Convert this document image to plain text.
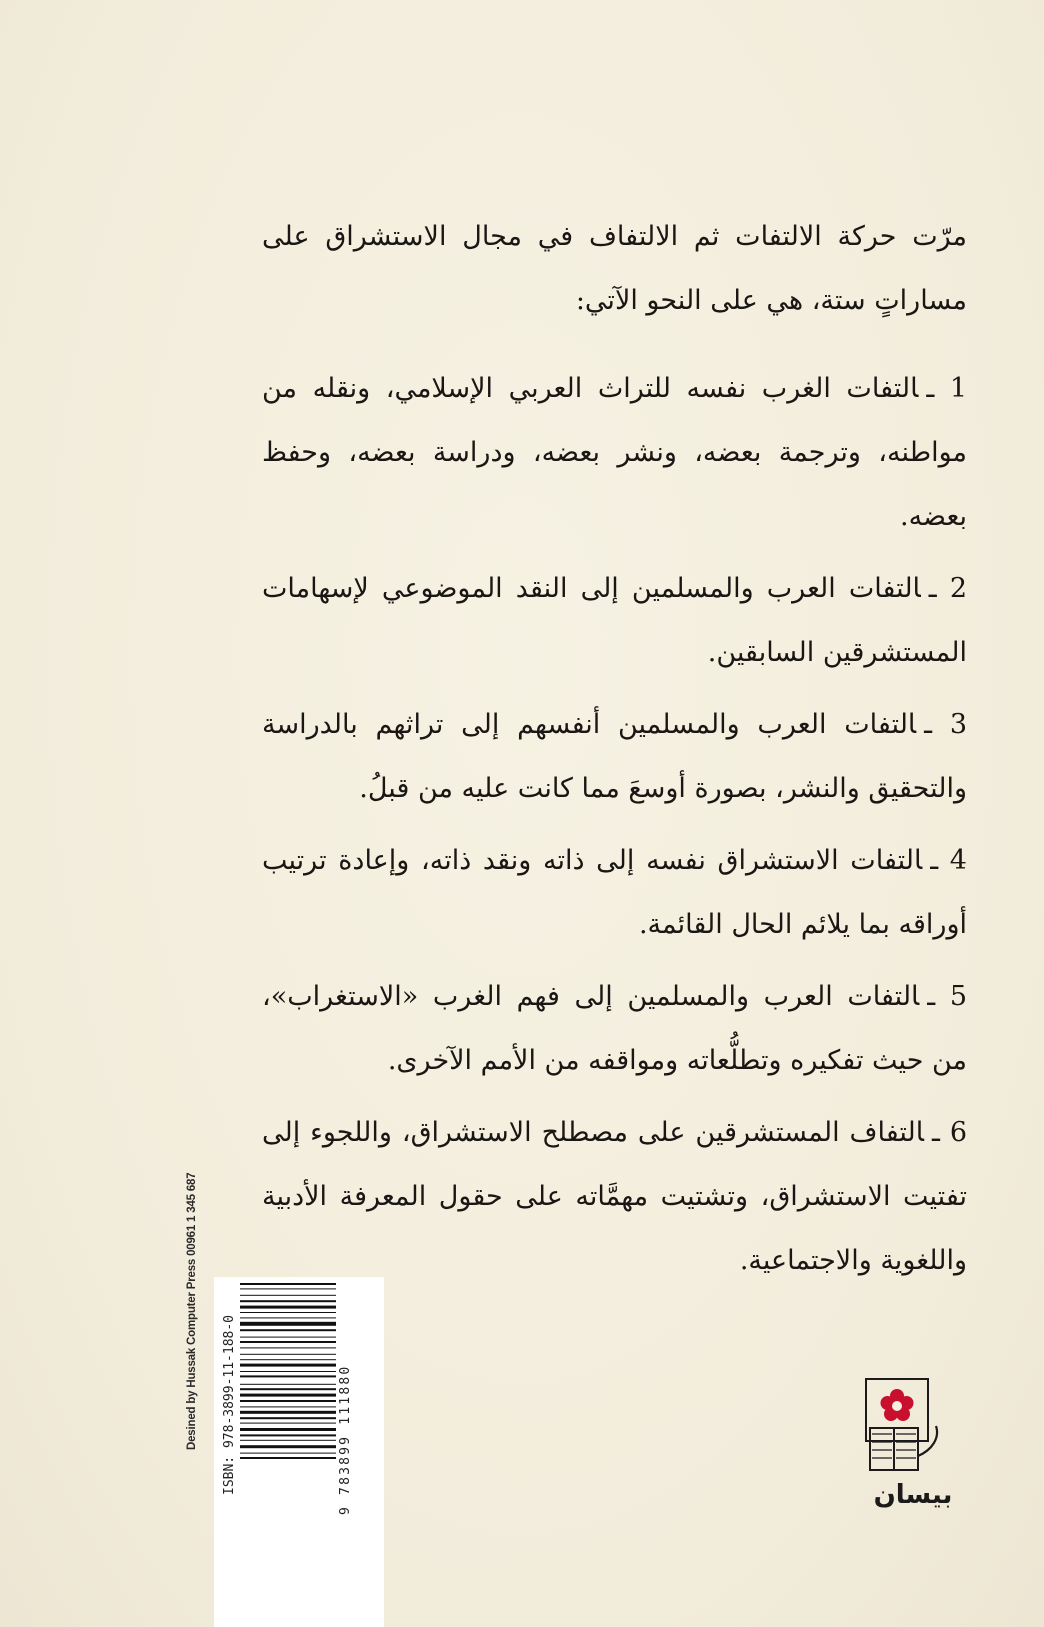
مرّت حركة الالتفات ثم الالتفاف في مجال الاستشراق على مساراتٍ ستة، هي على النحو الآتي:

1 ـالتفات الغرب نفسه للتراث العربي الإسلامي، ونقله من مواطنه، وترجمة بعضه، ونشر بعضه، ودراسة بعضه، وحفظ بعضه.

2 ـالتفات العرب والمسلمين إلى النقد الموضوعي لإسهامات المستشرقين السابقين.

3 ـالتفات العرب والمسلمين أنفسهم إلى تراثهم بالدراسة والتحقيق والنشر، بصورة أوسعَ مما كانت عليه من قبلُ.

4 ـالتفات الاستشراق نفسه إلى ذاته ونقد ذاته، وإعادة ترتيب أوراقه بما يلائم الحال القائمة.

5 ـالتفات العرب والمسلمين إلى فهم الغرب «الاستغراب»، من حيث تفكيره وتطلُّعاته ومواقفه من الأمم الآخرى.

6 ـالتفاف المستشرقين على مصطلح الاستشراق، واللجوء إلى تفتيت الاستشراق، وتشتيت مهمَّاته على حقول المعرفة الأدبية واللغوية والاجتماعية.

Desined by Hussak Computer Press 00961 1 345 687	ISBN: 978-3899-11-188-0	9 783899 111880	بيسان
